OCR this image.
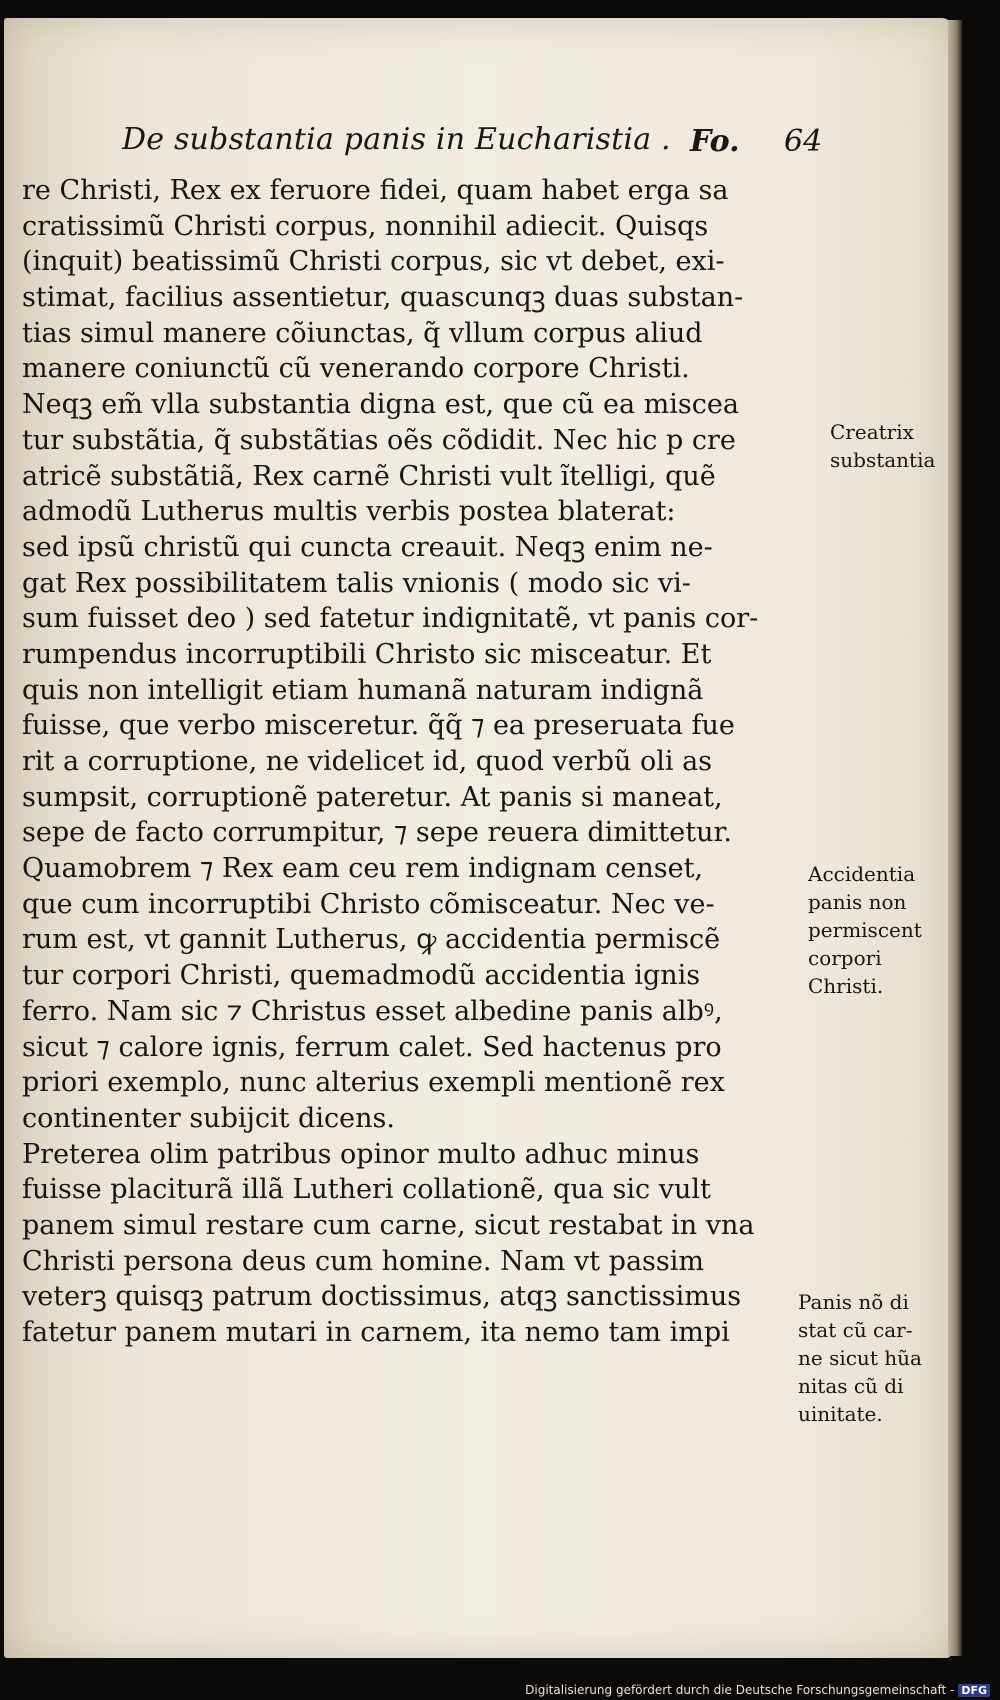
De substantia panis in Eucharistia . Fo. 64
re Christi, Rex ex feruore fidei, quam habet erga sa
cratissimũ Christi corpus, nonnihil adiecit. Quisqs
(inquit) beatissimũ Christi corpus, sic vt debet, exi-
stimat, facilius assentietur, quascunqꝫ duas substan-
tias simul manere cõiunctas, q̃ vllum corpus aliud
manere coniunctũ cũ venerando corpore Christi.
Neqꝫ em̃ vlla substantia digna est, que cũ ea miscea
tur substãtia, q̃ substãtias oẽs cõdidit. Nec hic p cre
atricẽ substãtiã, Rex carnẽ Christi vult ĩtelligi, quẽ
admodũ Lutherus multis verbis postea blaterat:
sed ipsũ christũ qui cuncta creauit. Neqꝫ enim ne-
gat Rex possibilitatem talis vnionis ( modo sic vi-
sum fuisset deo ) sed fatetur indignitatẽ, vt panis cor-
rumpendus incorruptibili Christo sic misceatur. Et
quis non intelligit etiam humanã naturam indignã
fuisse, que verbo misceretur. q̃q̃ ⁊ ea preseruata fue
rit a corruptione, ne videlicet id, quod verbũ oli as
sumpsit, corruptionẽ pateretur. At panis si maneat,
sepe de facto corrumpitur, ⁊ sepe reuera dimittetur.
Quamobrem ⁊ Rex eam ceu rem indignam censet,
que cum incorruptibi Christo cõmisceatur. Nec ve-
rum est, vt gannit Lutherus, ꝙ accidentia permiscẽ
tur corpori Christi, quemadmodũ accidentia ignis
ferro. Nam sic ⁊ Christus esset albedine panis albꝰ,
sicut ⁊ calore ignis, ferrum calet. Sed hactenus pro
priori exemplo, nunc alterius exempli mentionẽ rex
continenter subijcit dicens.
Preterea olim patribus opinor multo adhuc minus
fuisse placiturã illã Lutheri collationẽ, qua sic vult
panem simul restare cum carne, sicut restabat in vna
Christi persona deus cum homine. Nam vt passim
veterꝫ quisqꝫ patrum doctissimus, atqꝫ sanctissimus
fatetur panem mutari in carnem, ita nemo tam impi
Creatrix
substantia
Accidentia
panis non
permiscent
corpori
Christi.
Panis nõ di
stat cũ car-
ne sicut hũa
nitas cũ di
uinitate.
Digitalisierung gefördert durch die Deutsche Forschungsgemeinschaft - DFG
